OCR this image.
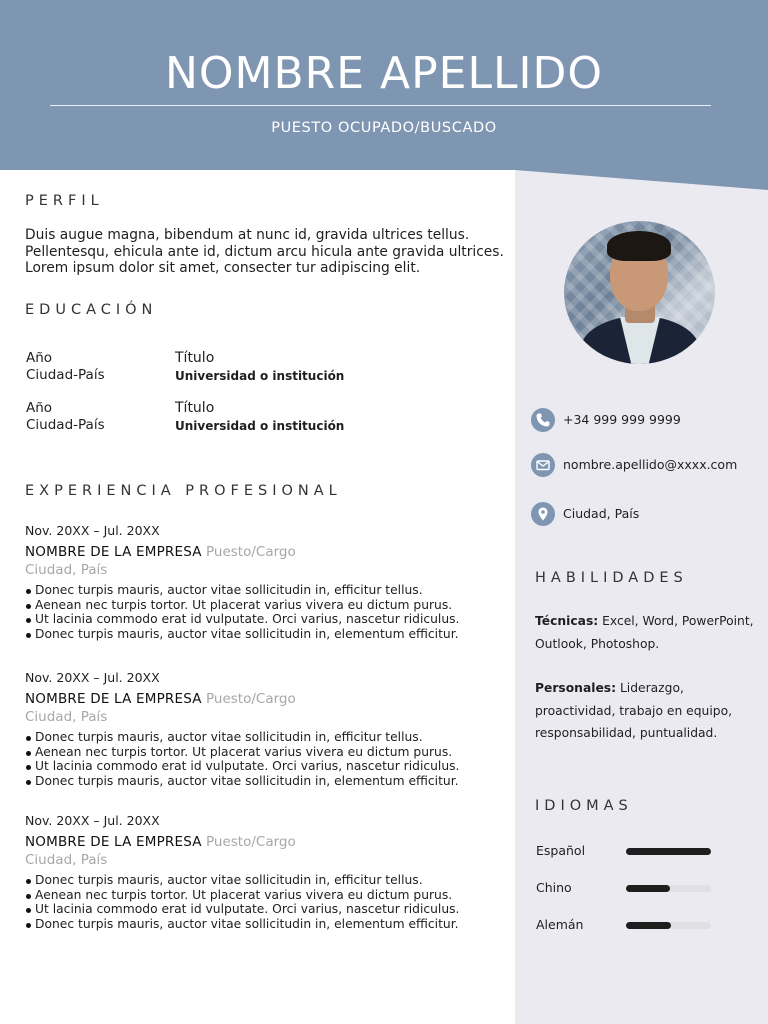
NOMBRE APELLIDO
PUESTO OCUPADO/BUSCADO
PERFIL
Duis augue magna, bibendum at nunc id, gravida ultrices tellus. Pellentesqu, ehicula ante id, dictum arcu hicula ante gravida ultrices. Lorem ipsum dolor sit amet, consecter tur adipiscing elit.
EDUCACIÓN
Año
Ciudad-País
Título
Universidad o institución
Año
Ciudad-País
Título
Universidad o institución
EXPERIENCIA PROFESIONAL
Nov. 20XX – Jul. 20XX
NOMBRE DE LA EMPRESA Puesto/Cargo
Ciudad, País
Donec turpis mauris, auctor vitae sollicitudin in, efficitur tellus.
Aenean nec turpis tortor. Ut placerat varius vivera eu dictum purus.
Ut lacinia commodo erat id vulputate. Orci varius, nascetur ridiculus.
Donec turpis mauris, auctor vitae sollicitudin in, elementum efficitur.
Nov. 20XX – Jul. 20XX
NOMBRE DE LA EMPRESA Puesto/Cargo
Ciudad, País
Donec turpis mauris, auctor vitae sollicitudin in, efficitur tellus.
Aenean nec turpis tortor. Ut placerat varius vivera eu dictum purus.
Ut lacinia commodo erat id vulputate. Orci varius, nascetur ridiculus.
Donec turpis mauris, auctor vitae sollicitudin in, elementum efficitur.
Nov. 20XX – Jul. 20XX
NOMBRE DE LA EMPRESA Puesto/Cargo
Ciudad, País
Donec turpis mauris, auctor vitae sollicitudin in, efficitur tellus.
Aenean nec turpis tortor. Ut placerat varius vivera eu dictum purus.
Ut lacinia commodo erat id vulputate. Orci varius, nascetur ridiculus.
Donec turpis mauris, auctor vitae sollicitudin in, elementum efficitur.
+34 999 999 9999
nombre.apellido@xxxx.com
Ciudad, País
HABILIDADES
Técnicas: Excel, Word, PowerPoint, Outlook, Photoshop.
Personales: Liderazgo, proactividad, trabajo en equipo, responsabilidad, puntualidad.
IDIOMAS
Español
Chino
Alemán
